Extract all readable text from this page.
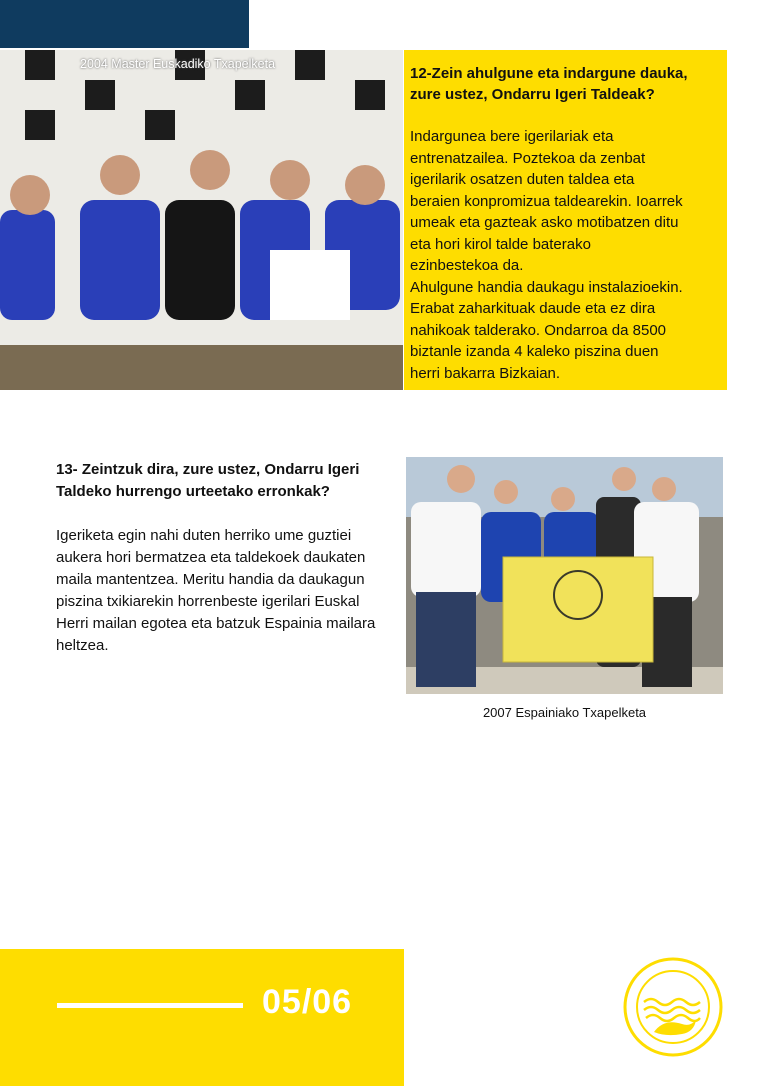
2004 Master Euskadiko Txapelketa

12-Zein ahulgune eta indargune dauka, zure ustez, Ondarru Igeri Taldeak?

Indargunea bere igerilariak eta
entrenatzailea. Poztekoa da zenbat
igerilarik osatzen duten taldea eta
beraien konpromizua taldearekin. Ioarrek
umeak eta gazteak asko motibatzen ditu
eta hori kirol talde baterako
ezinbestekoa da.
Ahulgune handia daukagu instalazioekin.
Erabat zaharkituak daude eta ez dira
nahikoak talderako. Ondarroa da 8500
biztanle izanda 4 kaleko piszina duen
herri bakarra Bizkaian.

13- Zeintzuk dira, zure ustez, Ondarru Igeri Taldeko hurrengo urteetako erronkak?

Igeriketa egin nahi duten herriko ume guztiei aukera hori bermatzea eta taldekoek daukaten maila mantentzea. Meritu handia da daukagun piszina txikiarekin horrenbeste igerilari Euskal Herri mailan egotea eta batzuk Espainia mailara heltzea.

2007 Espainiako Txapelketa
05/06
